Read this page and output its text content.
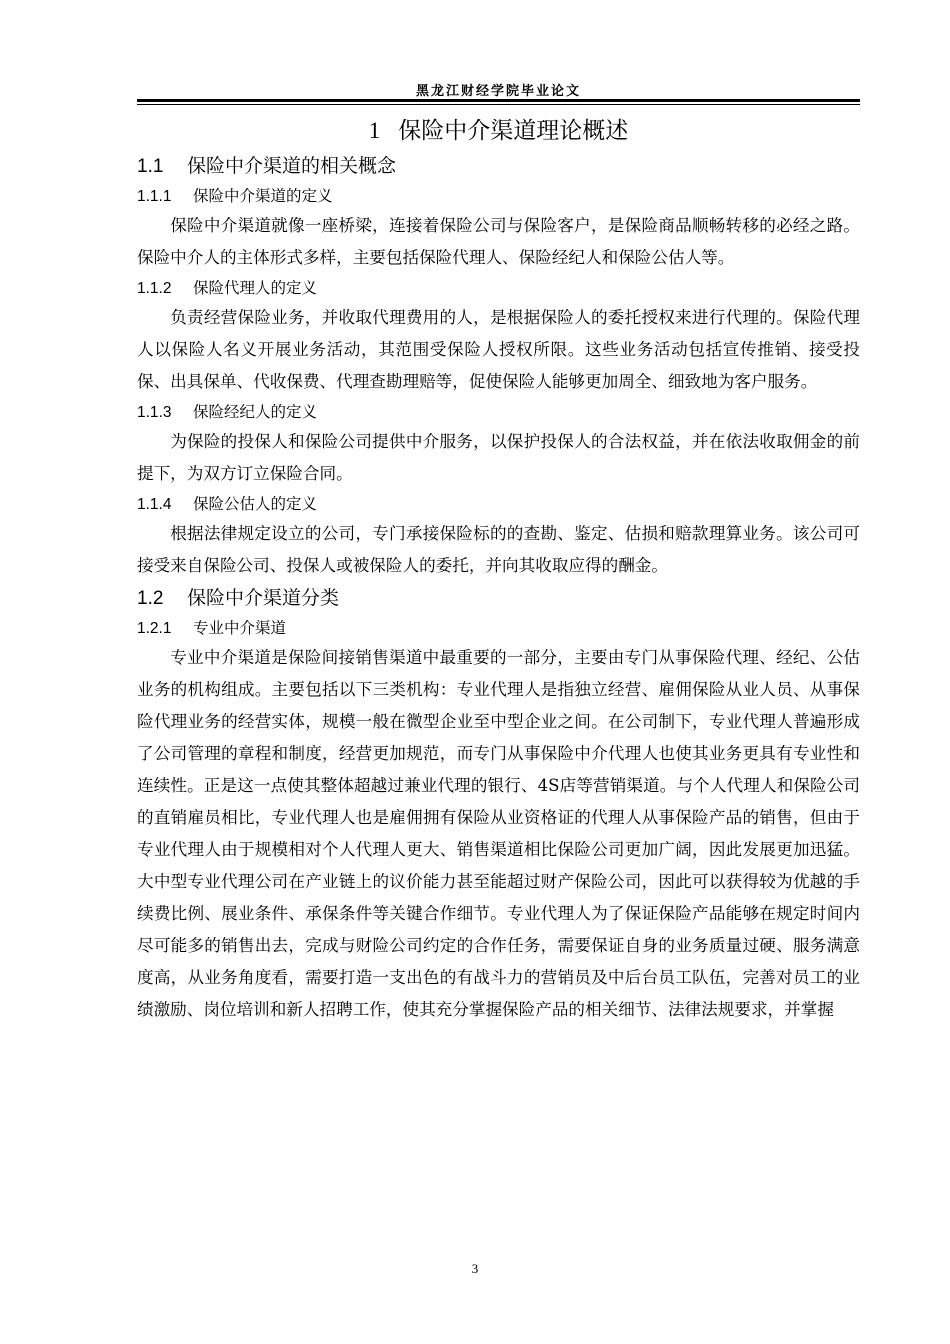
黑龙江财经学院毕业论文
1 保险中介渠道理论概述
1.1 保险中介渠道的相关概念
1.1.1 保险中介渠道的定义

保险中介渠道就像一座桥梁，连接着保险公司与保险客户，是保险商品顺畅转移的必经之路。保险中介人的主体形式多样，主要包括保险代理人、保险经纪人和保险公估人等。

1.1.2 保险代理人的定义

负责经营保险业务，并收取代理费用的人，是根据保险人的委托授权来进行代理的。保险代理人以保险人名义开展业务活动，其范围受保险人授权所限。这些业务活动包括宣传推销、接受投保、出具保单、代收保费、代理查勘理赔等，促使保险人能够更加周全、细致地为客户服务。

1.1.3 保险经纪人的定义

为保险的投保人和保险公司提供中介服务，以保护投保人的合法权益，并在依法收取佣金的前提下，为双方订立保险合同。

1.1.4 保险公估人的定义

根据法律规定设立的公司，专门承接保险标的的查勘、鉴定、估损和赔款理算业务。该公司可接受来自保险公司、投保人或被保险人的委托，并向其收取应得的酬金。

1.2 保险中介渠道分类
1.2.1 专业中介渠道

专业中介渠道是保险间接销售渠道中最重要的一部分，主要由专门从事保险代理、经纪、公估业务的机构组成。主要包括以下三类机构：专业代理人是指独立经营、雇佣保险从业人员、从事保险代理业务的经营实体，规模一般在微型企业至中型企业之间。在公司制下，专业代理人普遍形成了公司管理的章程和制度，经营更加规范，而专门从事保险中介代理人也使其业务更具有专业性和连续性。正是这一点使其整体超越过兼业代理的银行、4S店等营销渠道。与个人代理人和保险公司的直销雇员相比，专业代理人也是雇佣拥有保险从业资格证的代理人从事保险产品的销售，但由于专业代理人由于规模相对个人代理人更大、销售渠道相比保险公司更加广阔，因此发展更加迅猛。大中型专业代理公司在产业链上的议价能力甚至能超过财产保险公司，因此可以获得较为优越的手续费比例、展业条件、承保条件等关键合作细节。专业代理人为了保证保险产品能够在规定时间内尽可能多的销售出去，完成与财险公司约定的合作任务，需要保证自身的业务质量过硬、服务满意度高，从业务角度看，需要打造一支出色的有战斗力的营销员及中后台员工队伍，完善对员工的业绩激励、岗位培训和新人招聘工作，使其充分掌握保险产品的相关细节、法律法规要求，并掌握

3
